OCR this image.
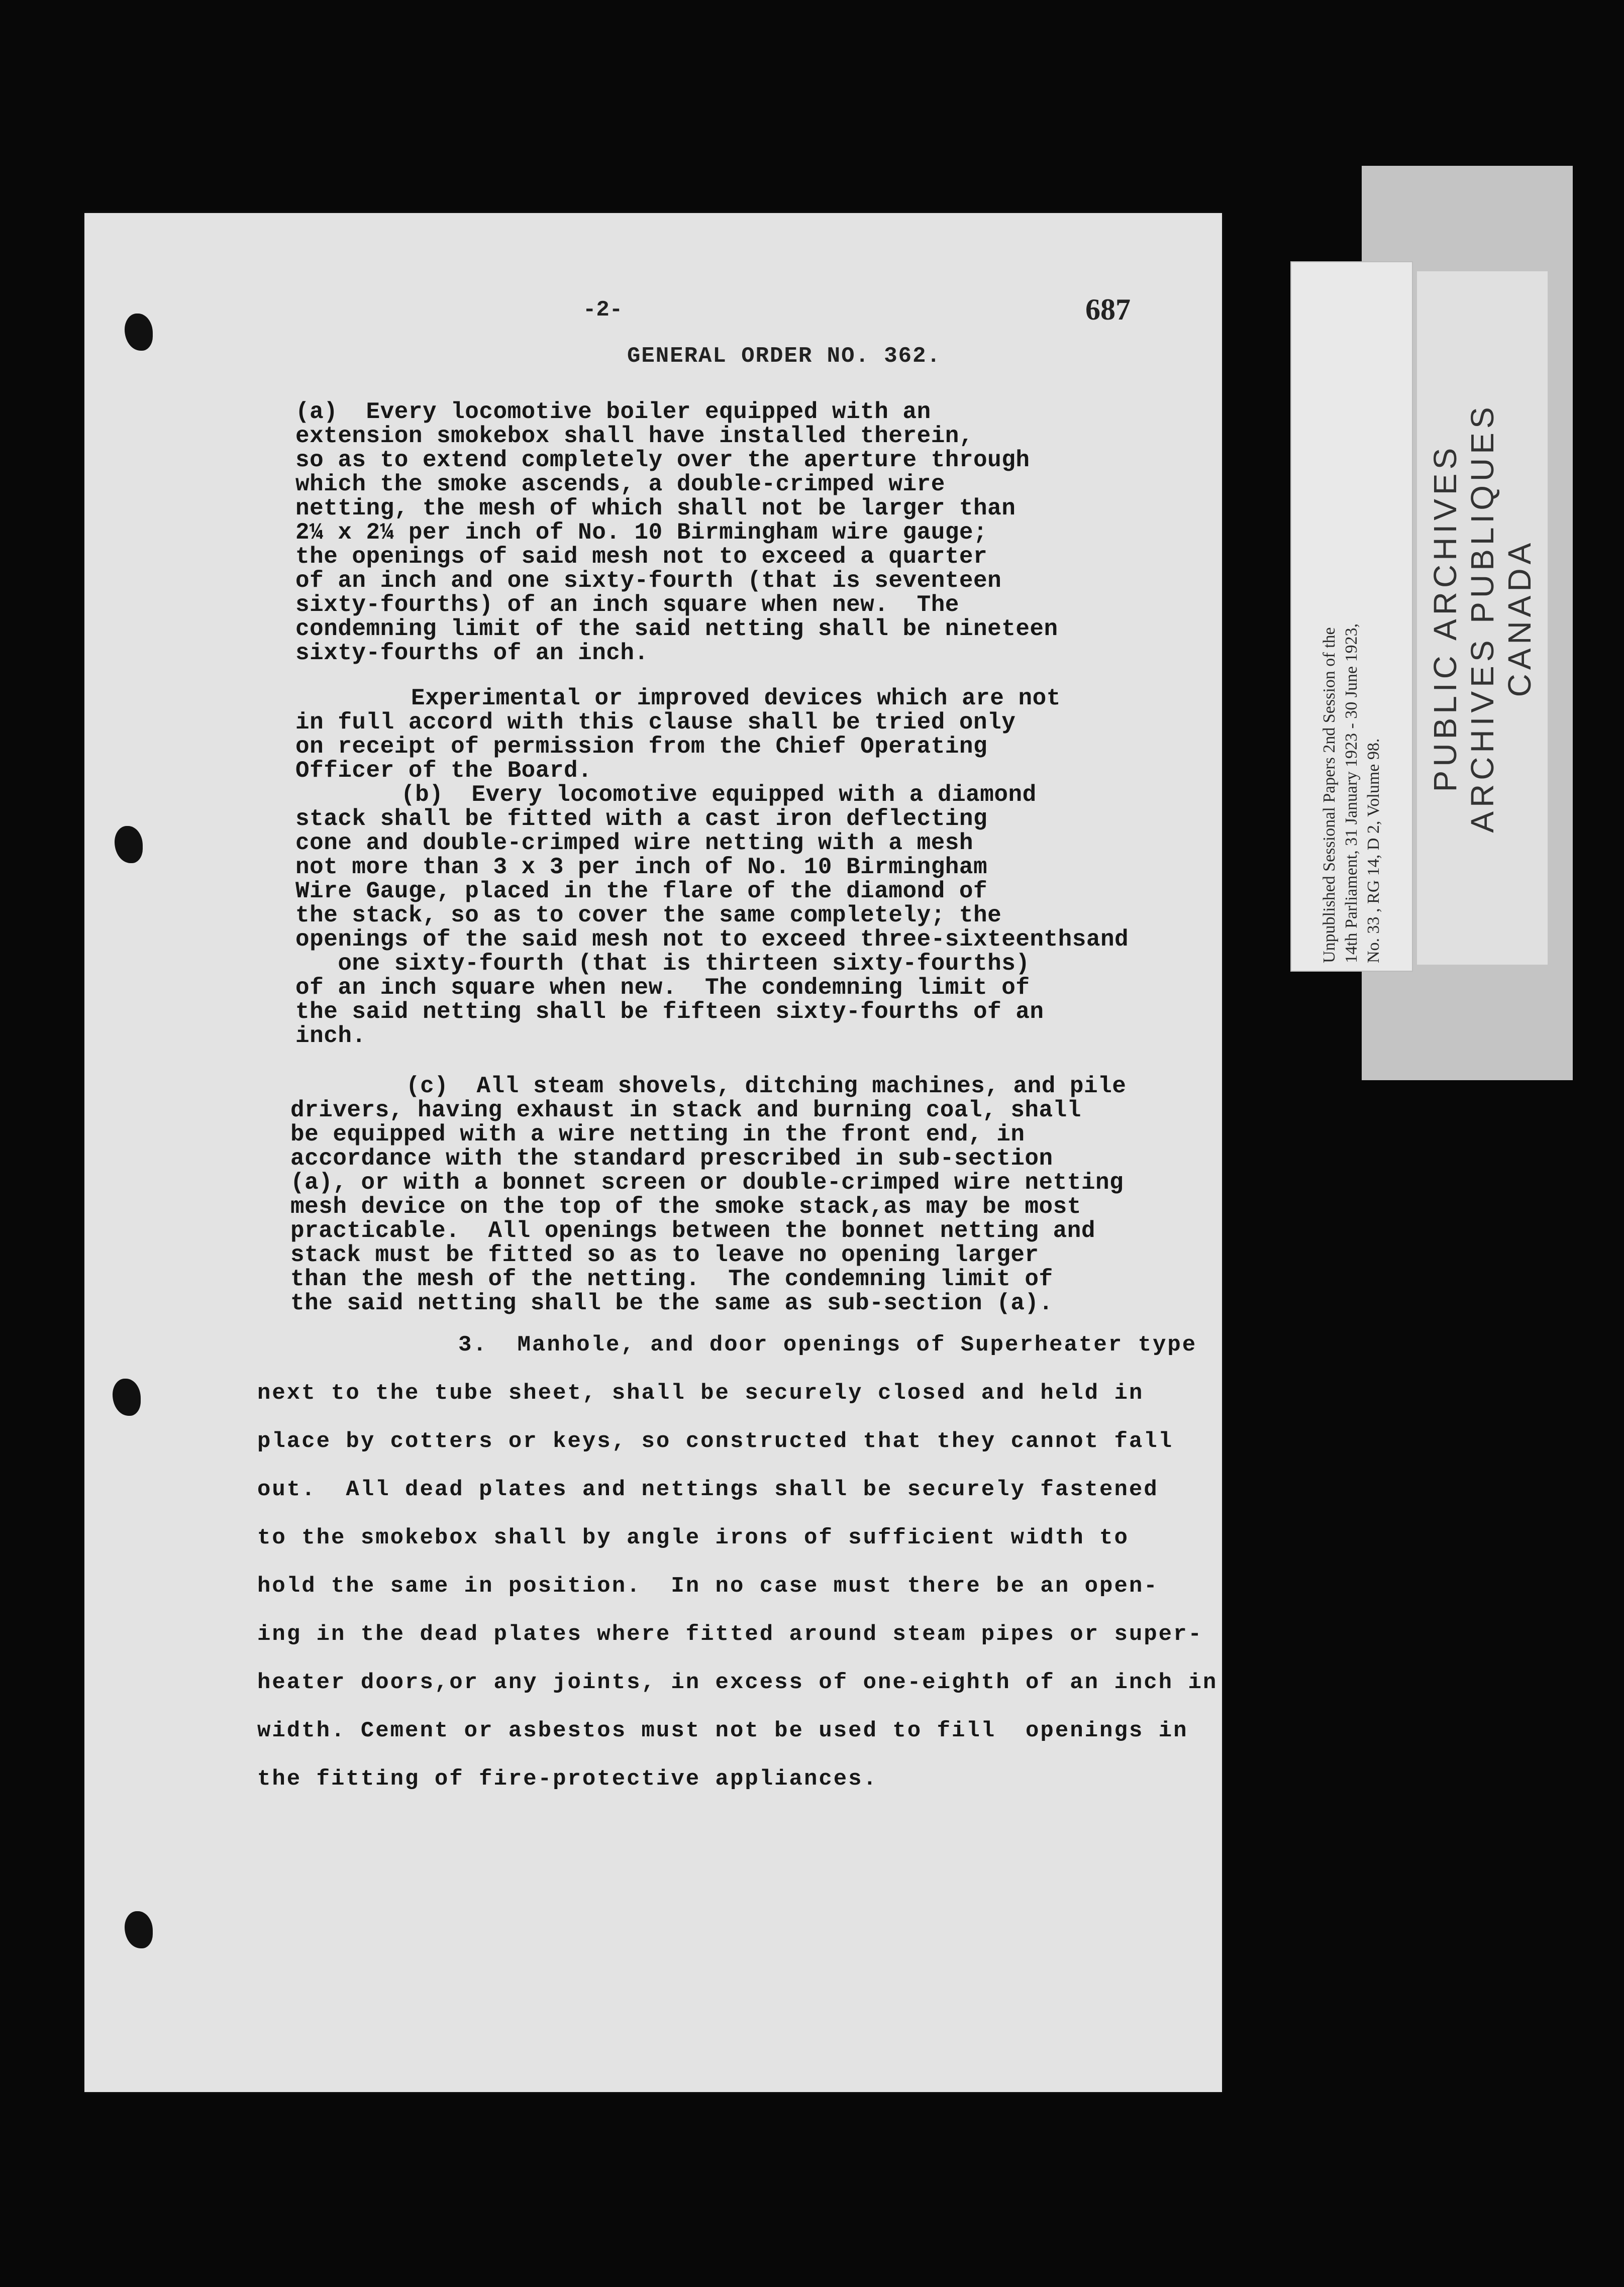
PUBLIC ARCHIVES ARCHIVES PUBLIQUES CANADA
Unpublished Sessional Papers 2nd Session of the 14th Parliament, 31 January 1923 - 30 June 1923, No. 33 , RG 14, D 2, Volume 98.
-2-	687
GENERAL ORDER NO. 362.
(a)  Every locomotive boiler equipped with an
extension smokebox shall have installed therein,
so as to extend completely over the aperture through
which the smoke ascends, a double-crimped wire
netting, the mesh of which shall not be larger than
2¼ x 2¼ per inch of No. 10 Birmingham wire gauge;
the openings of said mesh not to exceed a quarter
of an inch and one sixty-fourth (that is seventeen
sixty-fourths) of an inch square when new.  The
condemning limit of the said netting shall be nineteen
sixty-fourths of an inch.
Experimental or improved devices which are not
in full accord with this clause shall be tried only
on receipt of permission from the Chief Operating
Officer of the Board.
(b)  Every locomotive equipped with a diamond
stack shall be fitted with a cast iron deflecting
cone and double-crimped wire netting with a mesh
not more than 3 x 3 per inch of No. 10 Birmingham
Wire Gauge, placed in the flare of the diamond of
the stack, so as to cover the same completely; the
openings of the said mesh not to exceed three-sixteenthsand
one sixty-fourth (that is thirteen sixty-fourths)
of an inch square when new.  The condemning limit of
the said netting shall be fifteen sixty-fourths of an
inch.
(c)  All steam shovels, ditching machines, and pile
drivers, having exhaust in stack and burning coal, shall
be equipped with a wire netting in the front end, in
accordance with the standard prescribed in sub-section
(a), or with a bonnet screen or double-crimped wire netting
mesh device on the top of the smoke stack,as may be most
practicable.  All openings between the bonnet netting and
stack must be fitted so as to leave no opening larger
than the mesh of the netting.  The condemning limit of
the said netting shall be the same as sub-section (a).
3.  Manhole, and door openings of Superheater type
next to the tube sheet, shall be securely closed and held in
place by cotters or keys, so constructed that they cannot fall
out.  All dead plates and nettings shall be securely fastened
to the smokebox shall by angle irons of sufficient width to
hold the same in position.  In no case must there be an open-
ing in the dead plates where fitted around steam pipes or super-
heater doors,or any joints, in excess of one-eighth of an inch in
width. Cement or asbestos must not be used to fill  openings in
the fitting of fire-protective appliances.
